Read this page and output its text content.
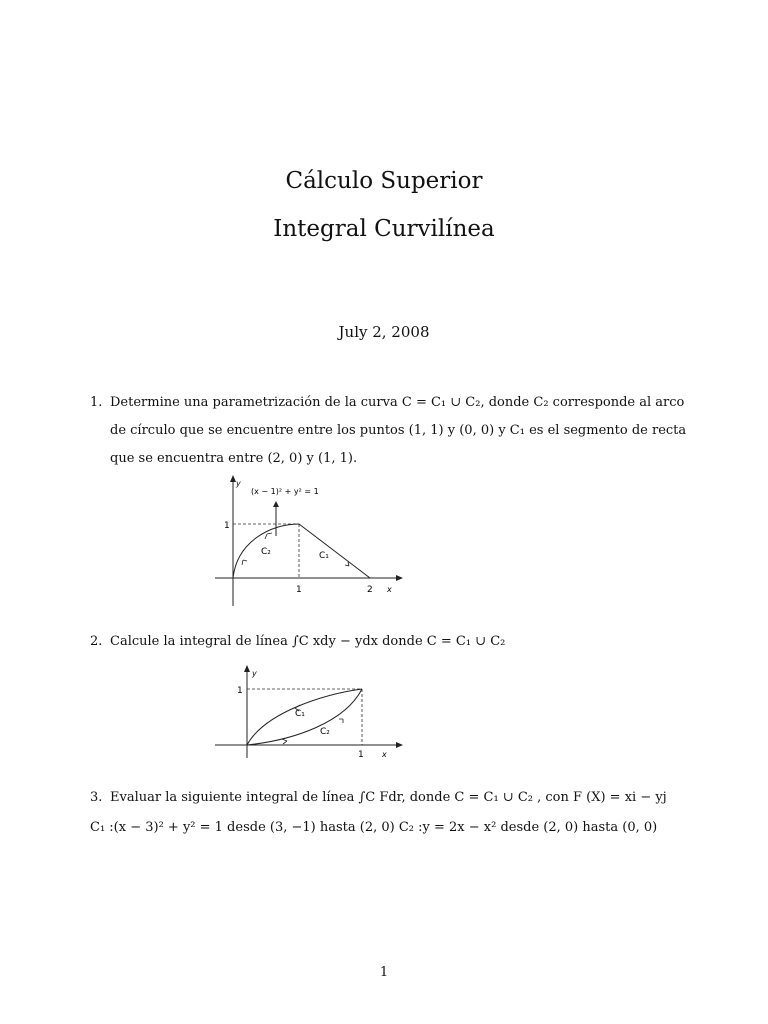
Cálculo Superior
Integral Curvilínea
July 2, 2008
1. Determine una parametrización de la curva C = C₁ ∪ C₂, donde C₂ corresponde al arco
de círculo que se encuentre entre los puntos (1, 1) y (0, 0) y C₁ es el segmento de recta
que se encuentra entre (2, 0) y (1, 1).
y
x
1
1	2
(x − 1)² + y² = 1
C₁
C₂
2. Calcule la integral de línea ∫C xdy − ydx donde C = C₁ ∪ C₂
y
x
1
1
C₁
C₂
3. Evaluar la siguiente integral de línea ∫C Fdr, donde C = C₁ ∪ C₂ , con F (X) = xi − yj
C₁ :(x − 3)² + y² = 1 desde (3, −1) hasta (2, 0) C₂ :y = 2x − x² desde (2, 0) hasta (0, 0)
1
